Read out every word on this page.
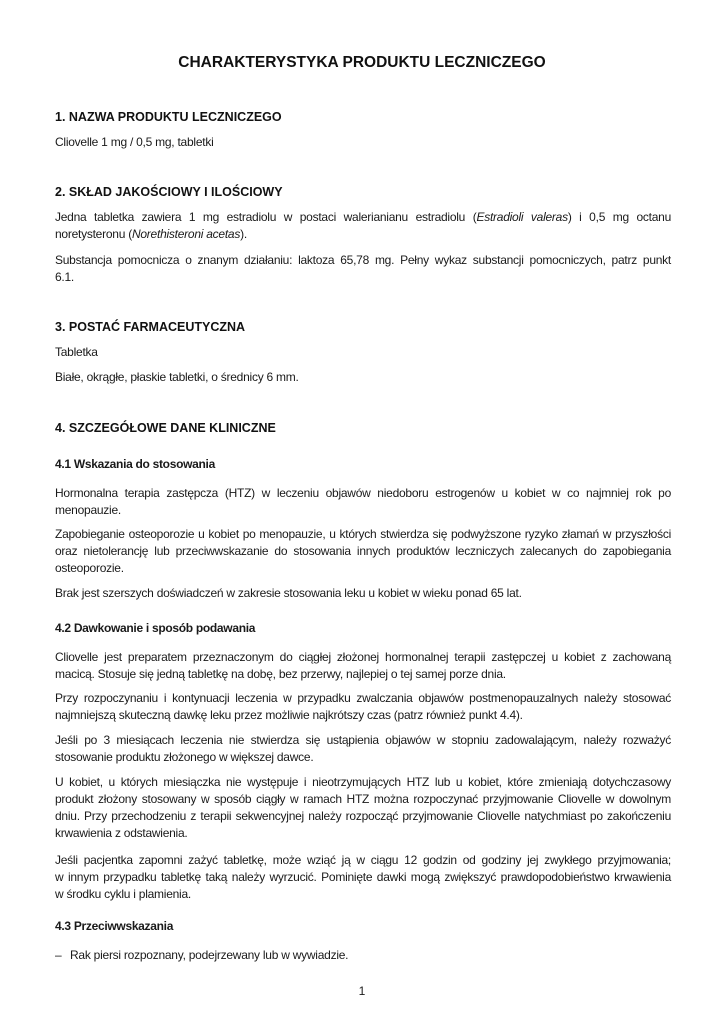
CHARAKTERYSTYKA PRODUKTU LECZNICZEGO
1. NAZWA PRODUKTU LECZNICZEGO

Cliovelle 1 mg / 0,5 mg, tabletki

2. SKŁAD JAKOŚCIOWY I ILOŚCIOWY

Jedna tabletka zawiera 1 mg estradiolu w postaci walerianianu estradiolu (Estradioli valeras) i 0,5 mg octanu
noretysteronu (Norethisteroni acetas).

Substancja pomocnicza o znanym działaniu: laktoza 65,78 mg. Pełny wykaz substancji pomocniczych, patrz punkt
6.1.

3. POSTAĆ FARMACEUTYCZNA

Tabletka

Białe, okrągłe, płaskie tabletki, o średnicy 6 mm.

4. SZCZEGÓŁOWE DANE KLINICZNE
4.1 Wskazania do stosowania

Hormonalna terapia zastępcza (HTZ) w leczeniu objawów niedoboru estrogenów u kobiet w co najmniej rok po
menopauzie.

Zapobieganie osteoporozie u kobiet po menopauzie, u których stwierdza się podwyższone ryzyko złamań w przyszłości
oraz nietolerancję lub przeciwwskazanie do stosowania innych produktów leczniczych zalecanych do zapobiegania
osteoporozie.

Brak jest szerszych doświadczeń w zakresie stosowania leku u kobiet w wieku ponad 65 lat.

4.2 Dawkowanie i sposób podawania

Cliovelle jest preparatem przeznaczonym do ciągłej złożonej hormonalnej terapii zastępczej u kobiet z zachowaną
macicą. Stosuje się jedną tabletkę na dobę, bez przerwy, najlepiej o tej samej porze dnia.

Przy rozpoczynaniu i kontynuacji leczenia w przypadku zwalczania objawów postmenopauzalnych należy stosować
najmniejszą skuteczną dawkę leku przez możliwie najkrótszy czas (patrz również punkt 4.4).

Jeśli po 3 miesiącach leczenia nie stwierdza się ustąpienia objawów w stopniu zadowalającym, należy rozważyć
stosowanie produktu złożonego w większej dawce.

U kobiet, u których miesiączka nie występuje i nieotrzymujących HTZ lub u kobiet, które zmieniają dotychczasowy
produkt złożony stosowany w sposób ciągły w ramach HTZ można rozpoczynać przyjmowanie Cliovelle w dowolnym
dniu. Przy przechodzeniu z terapii sekwencyjnej należy rozpocząć przyjmowanie Cliovelle natychmiast po zakończeniu
krwawienia z odstawienia.

Jeśli pacjentka zapomni zażyć tabletkę, może wziąć ją w ciągu 12 godzin od godziny jej zwykłego przyjmowania;
w innym przypadku tabletkę taką należy wyrzucić. Pominięte dawki mogą zwiększyć prawdopodobieństwo krwawienia
w środku cyklu i plamienia.

4.3 Przeciwwskazania

– Rak piersi rozpoznany, podejrzewany lub w wywiadzie.

1
